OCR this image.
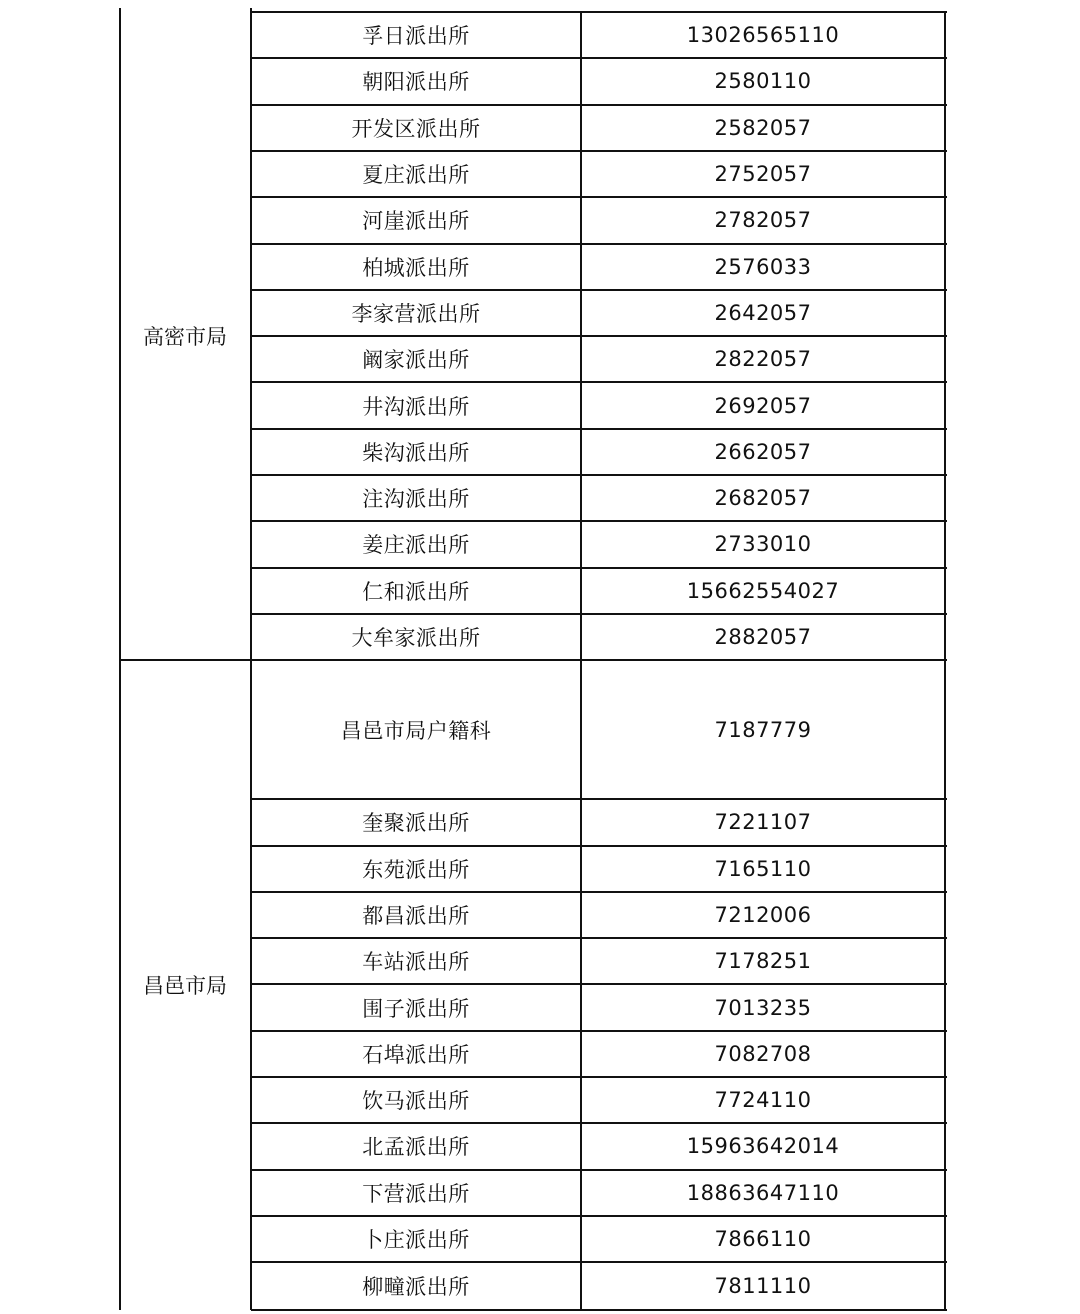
孚日派出所	13026565110
朝阳派出所	2580110
开发区派出所	2582057
夏庄派出所	2752057
河崖派出所	2782057
柏城派出所	2576033
李家营派出所	2642057
阚家派出所	2822057
井沟派出所	2692057
柴沟派出所	2662057
注沟派出所	2682057
姜庄派出所	2733010
仁和派出所	15662554027
大牟家派出所	2882057
高密市局
昌邑市局户籍科	7187779
奎聚派出所	7221107
东苑派出所	7165110
都昌派出所	7212006
车站派出所	7178251
围子派出所	7013235
石埠派出所	7082708
饮马派出所	7724110
北孟派出所	15963642014
下营派出所	18863647110
卜庄派出所	7866110
柳疃派出所	7811110
昌邑市局
